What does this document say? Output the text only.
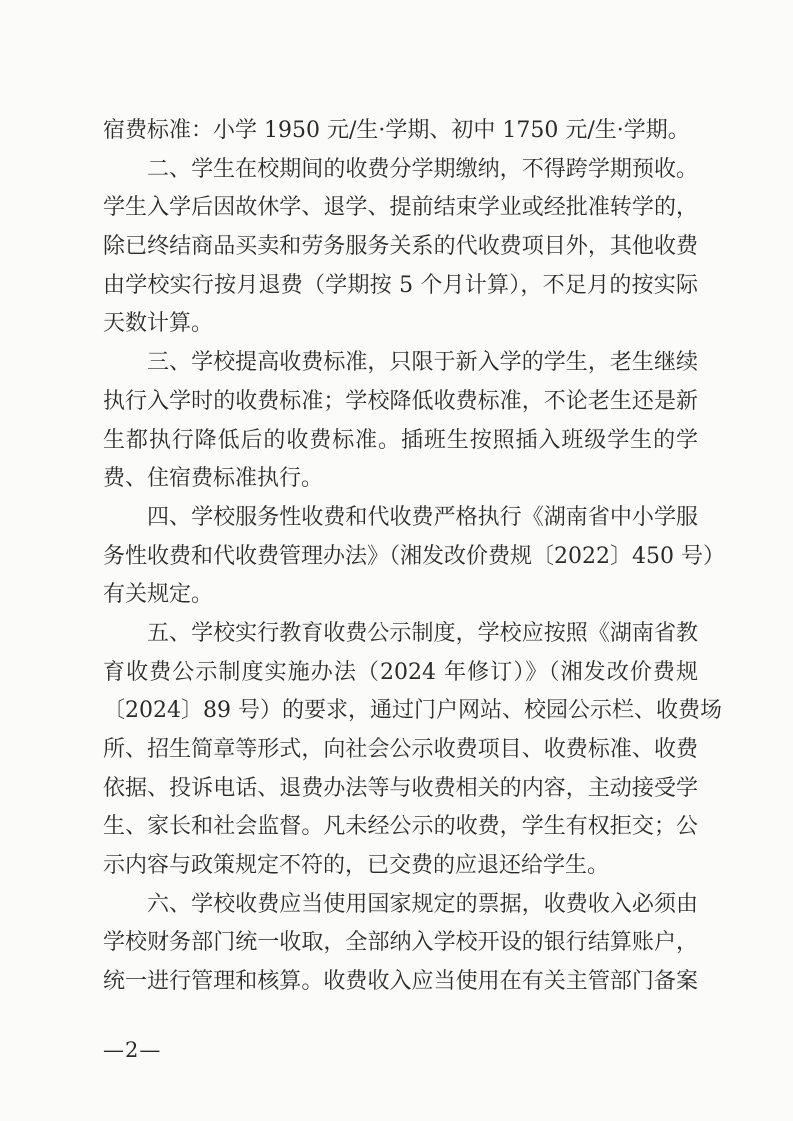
宿费标准：小学 1950 元/生·学期、初中 1750 元/生·学期。
二、学生在校期间的收费分学期缴纳，不得跨学期预收。
学生入学后因故休学、退学、提前结束学业或经批准转学的，
除已终结商品买卖和劳务服务关系的代收费项目外，其他收费
由学校实行按月退费（学期按 5 个月计算），不足月的按实际
天数计算。
三、学校提高收费标准，只限于新入学的学生，老生继续
执行入学时的收费标准；学校降低收费标准，不论老生还是新
生都执行降低后的收费标准。插班生按照插入班级学生的学
费、住宿费标准执行。
四、学校服务性收费和代收费严格执行《湖南省中小学服
务性收费和代收费管理办法》（湘发改价费规〔2022〕450 号）
有关规定。
五、学校实行教育收费公示制度，学校应按照《湖南省教
育收费公示制度实施办法（2024 年修订）》（湘发改价费规
〔2024〕89 号）的要求，通过门户网站、校园公示栏、收费场
所、招生简章等形式，向社会公示收费项目、收费标准、收费
依据、投诉电话、退费办法等与收费相关的内容，主动接受学
生、家长和社会监督。凡未经公示的收费，学生有权拒交；公
示内容与政策规定不符的，已交费的应退还给学生。
六、学校收费应当使用国家规定的票据，收费收入必须由
学校财务部门统一收取，全部纳入学校开设的银行结算账户，
统一进行管理和核算。收费收入应当使用在有关主管部门备案
—2—
